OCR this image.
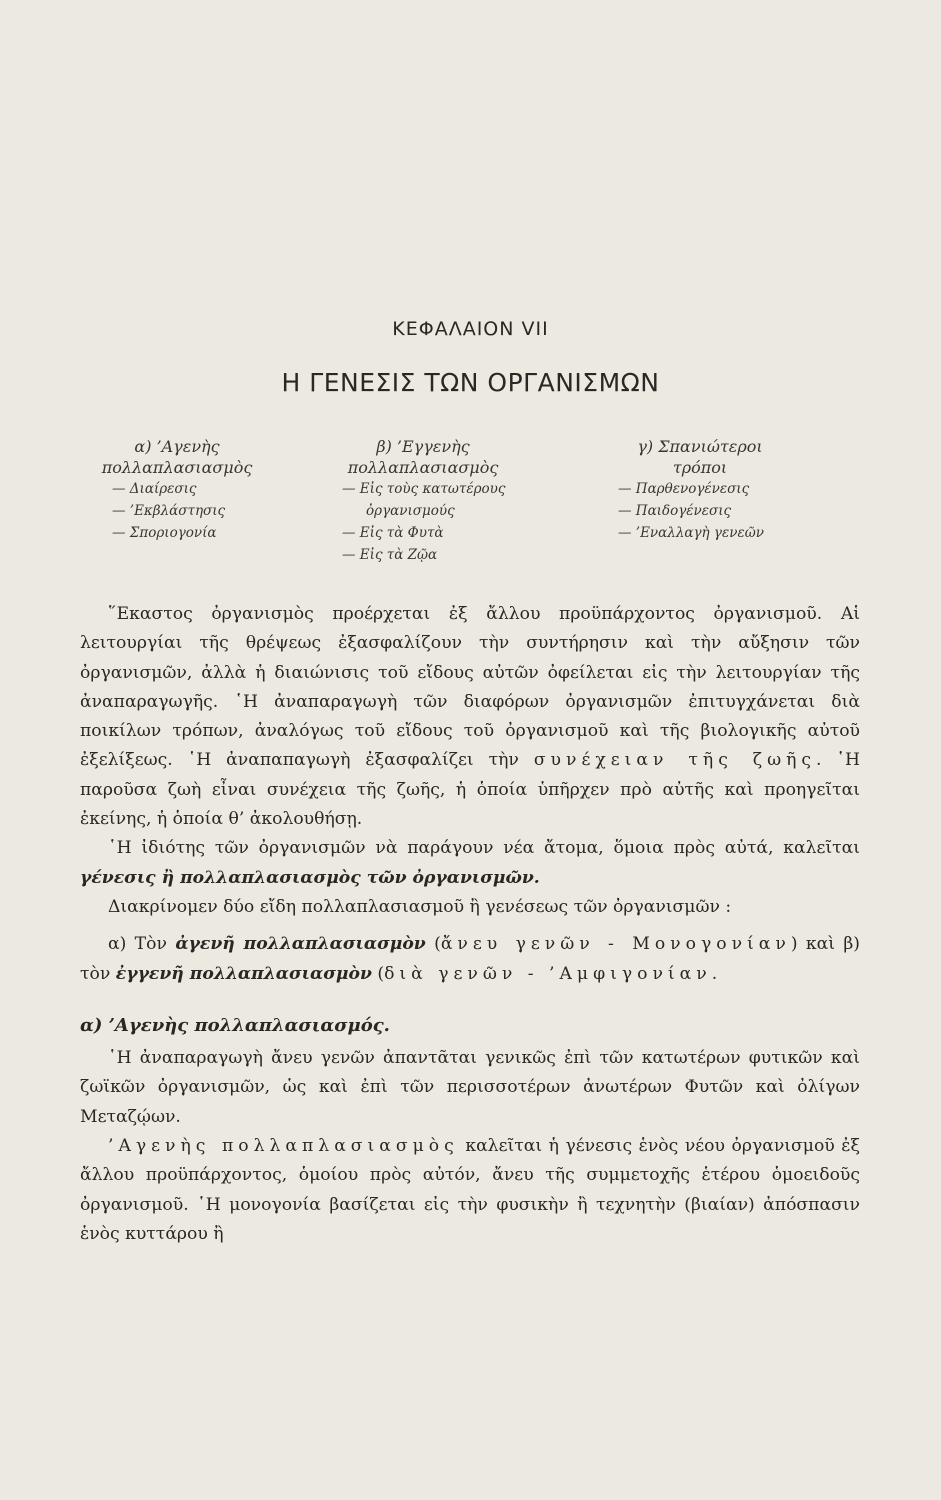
ΚΕΦΑΛΑΙΟΝ VII
Η ΓΕΝΕΣΙΣ ΤΩΝ ΟΡΓΑΝΙΣΜΩΝ
α) ’Αγενὴς
πολλαπλασιασμὸς
— Διαίρεσις
— ’Εκβλάστησις
— Σποριογονία
β) ’Εγγενὴς
πολλαπλασιασμὸς
— Εἰς τοὺς κατωτέρους
ὀργανισμούς
— Εἰς τὰ Φυτὰ
— Εἰς τὰ Ζῷα
γ) Σπανιώτεροι
τρόποι
— Παρθενογένεσις
— Παιδογένεσις
— ’Εναλλαγὴ γενεῶν

῞Εκαστος ὀργανισμὸς προέρχεται ἐξ ἄλλου προϋπάρχοντος ὀργανισμοῦ. Αἱ λειτουργίαι τῆς θρέψεως ἐξασφαλίζουν τὴν συντήρησιν καὶ τὴν αὔξησιν τῶν ὀργανισμῶν, ἀλλὰ ἡ διαιώνισις τοῦ εἴδους αὐτῶν ὀφείλεται εἰς τὴν λειτουργίαν τῆς ἀναπαραγωγῆς. ῾Η ἀναπαραγωγὴ τῶν διαφόρων ὀργανισμῶν ἐπιτυγχάνεται διὰ ποικίλων τρόπων, ἀναλόγως τοῦ εἴδους τοῦ ὀργανισμοῦ καὶ τῆς βιολογικῆς αὐτοῦ ἐξελίξεως. ῾Η ἀναπαπαγωγὴ ἐξασφαλίζει τὴν συνέχειαν τῆς ζωῆς. ῾Η παροῦσα ζωὴ εἶναι συνέχεια τῆς ζωῆς, ἡ ὁποία ὑπῆρχεν πρὸ αὐτῆς καὶ προηγεῖται ἐκείνης, ἡ ὁποία θ’ ἀκολουθήσῃ.

῾Η ἰδιότης τῶν ὀργανισμῶν νὰ παράγουν νέα ἄτομα, ὅμοια πρὸς αὐτά, καλεῖται γένεσις ἢ πολλαπλασιασμὸς τῶν ὀργανισμῶν.

Διακρίνομεν δύο εἴδη πολλαπλασιασμοῦ ἢ γενέσεως τῶν ὀργανισμῶν :

α) Τὸν ἀγενῆ πολλαπλασιασμὸν (ἄνευ γενῶν - Μονογονίαν) καὶ β) τὸν ἐγγενῆ πολλαπλασιασμὸν (διὰ γενῶν - ’Αμφιγονίαν.

α) ’Αγενὴς πολλαπλασιασμός.

῾Η ἀναπαραγωγὴ ἄνευ γενῶν ἀπαντᾶται γενικῶς ἐπὶ τῶν κατωτέρων φυτικῶν καὶ ζωϊκῶν ὀργανισμῶν, ὡς καὶ ἐπὶ τῶν περισσοτέρων ἀνωτέρων Φυτῶν καὶ ὀλίγων Μεταζῴων.

’Αγενὴς πολλαπλασιασμὸς καλεῖται ἡ γένεσις ἑνὸς νέου ὀργανισμοῦ ἐξ ἄλλου προϋπάρχοντος, ὁμοίου πρὸς αὐτόν, ἄνευ τῆς συμμετοχῆς ἑτέρου ὁμοειδοῦς ὀργανισμοῦ. ῾Η μονογονία βασίζεται εἰς τὴν φυσικὴν ἢ τεχνητὴν (βιαίαν) ἀπόσπασιν ἑνὸς κυττάρου ἢ
